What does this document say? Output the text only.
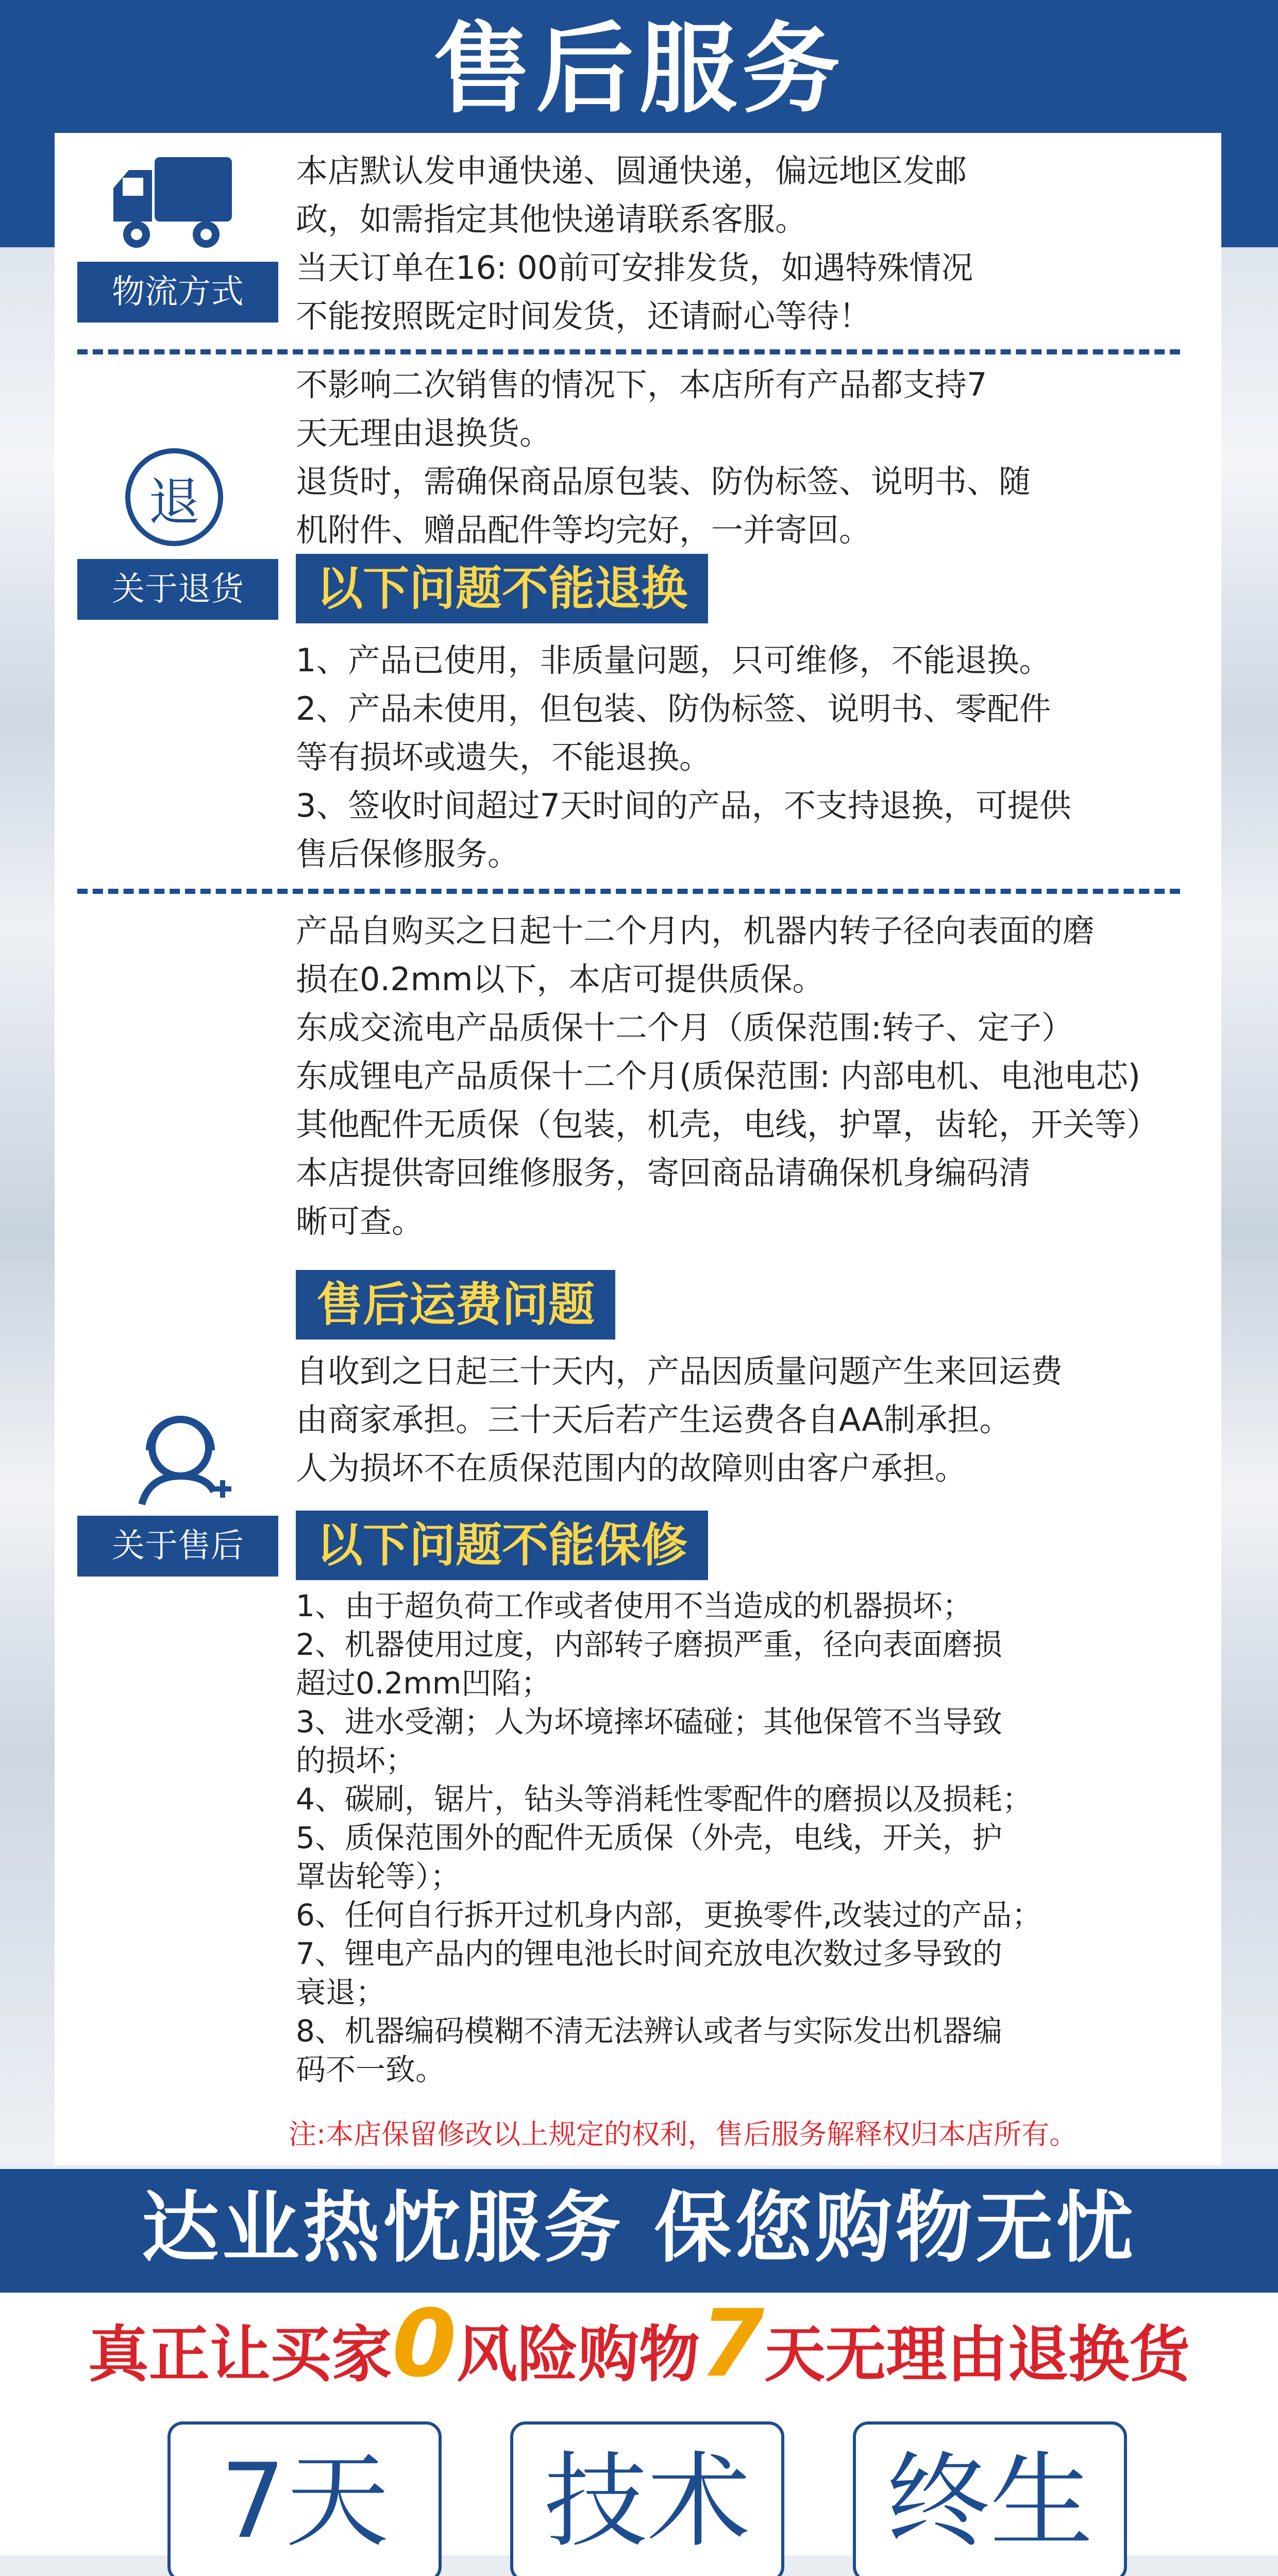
售后服务
物流方式
本店默认发申通快递、圆通快递，偏远地区发邮
政，如需指定其他快递请联系客服。
当天订单在16: 00前可安排发货，如遇特殊情况
不能按照既定时间发货，还请耐心等待！
退
关于退货
不影响二次销售的情况下，本店所有产品都支持7
天无理由退换货。
退货时，需确保商品原包装、防伪标签、说明书、随
机附件、赠品配件等均完好，一并寄回。
以下问题不能退换
1、产品已使用，非质量问题，只可维修，不能退换。
2、产品未使用，但包装、防伪标签、说明书、零配件
等有损坏或遗失，不能退换。
3、签收时间超过7天时间的产品，不支持退换，可提供
售后保修服务。
产品自购买之日起十二个月内，机器内转子径向表面的磨
损在0.2mm以下，本店可提供质保。
东成交流电产品质保十二个月（质保范围:转子、定子）
东成锂电产品质保十二个月(质保范围: 内部电机、电池电芯)
其他配件无质保（包装，机壳，电线，护罩，齿轮，开关等）
本店提供寄回维修服务，寄回商品请确保机身编码清
晰可查。
售后运费问题
自收到之日起三十天内，产品因质量问题产生来回运费
由商家承担。三十天后若产生运费各自AA制承担。
人为损坏不在质保范围内的故障则由客户承担。
关于售后	以下问题不能保修
1、由于超负荷工作或者使用不当造成的机器损坏；
2、机器使用过度，内部转子磨损严重，径向表面磨损
超过0.2mm凹陷；
3、进水受潮；人为坏境摔坏磕碰；其他保管不当导致
的损坏；
4、碳刷，锯片，钻头等消耗性零配件的磨损以及损耗；
5、质保范围外的配件无质保（外壳，电线，开关，护
罩齿轮等）；
6、任何自行拆开过机身内部，更换零件,改装过的产品；
7、锂电产品内的锂电池长时间充放电次数过多导致的
衰退；
8、机器编码模糊不清无法辨认或者与实际发出机器编
码不一致。
注:本店保留修改以上规定的权利，售后服务解释权归本店所有。
达业热忱服务 保您购物无忧
真正让买家0风险购物7天无理由退换货
7天	技术	终生
